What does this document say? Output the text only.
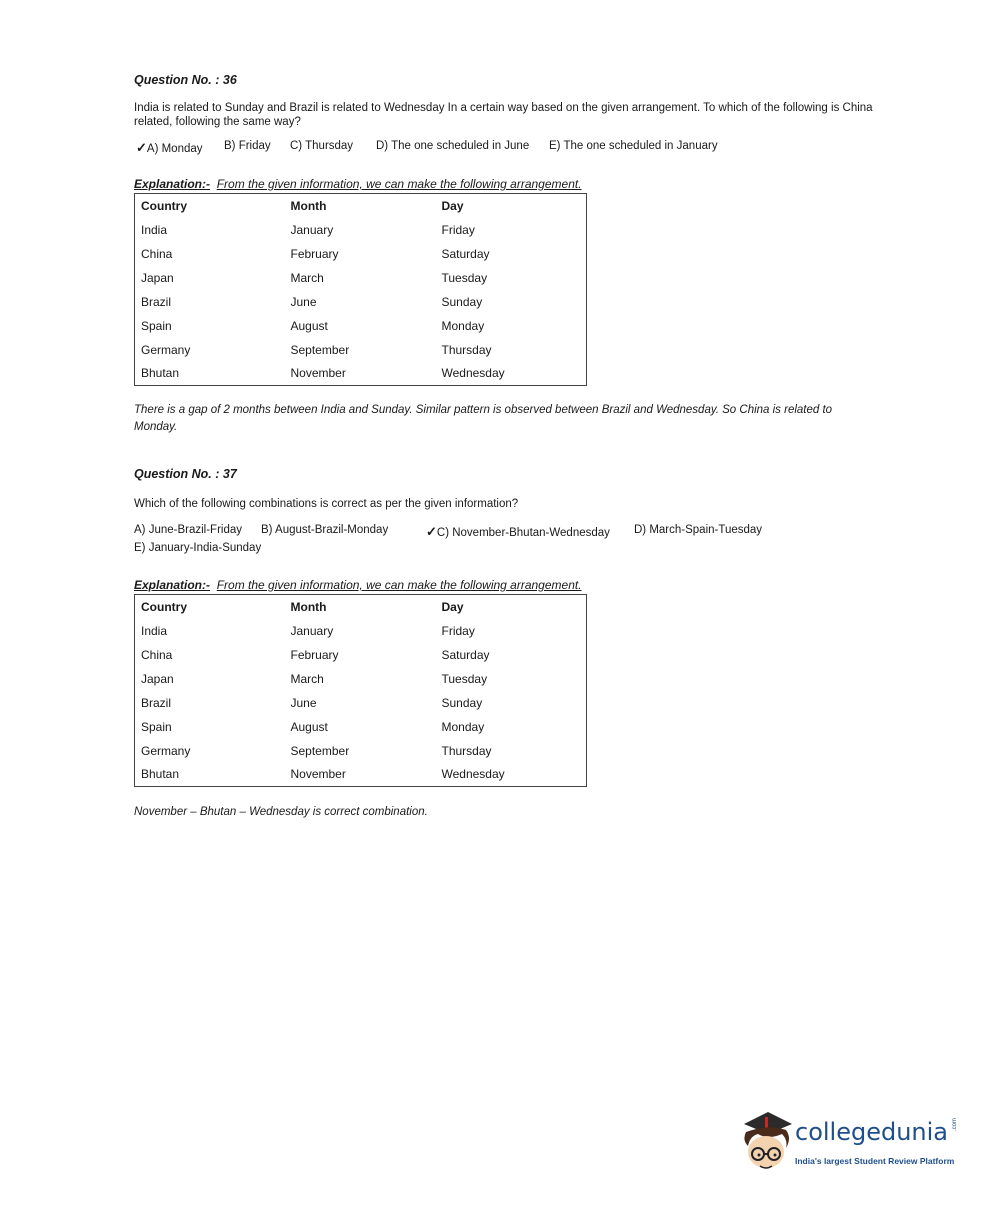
Question No. : 36
India is related to Sunday and Brazil is related to Wednesday In a certain way based on the given arrangement. To which of the following is China related, following the same way?
✓A) Monday B) Friday C) Thursday D) The one scheduled in June E) The one scheduled in January
Explanation:- From the given information, we can make the following arrangement.
Country	Month	Day
India	January	Friday
China	February	Saturday
Japan	March	Tuesday
Brazil	June	Sunday
Spain	August	Monday
Germany	September	Thursday
Bhutan	November	Wednesday
There is a gap of 2 months between India and Sunday. Similar pattern is observed between Brazil and Wednesday. So China is related to Monday.
Question No. : 37
Which of the following combinations is correct as per the given information?
A) June-Brazil-Friday B) August-Brazil-Monday	✓C) November-Bhutan-Wednesday D) March-Spain-Tuesday
E) January-India-Sunday
Explanation:- From the given information, we can make the following arrangement.
Country	Month	Day
India	January	Friday
China	February	Saturday
Japan	March	Tuesday
Brazil	June	Sunday
Spain	August	Monday
Germany	September	Thursday
Bhutan	November	Wednesday
November – Bhutan – Wednesday is correct combination.
collegedunia .com
India's largest Student Review Platform
